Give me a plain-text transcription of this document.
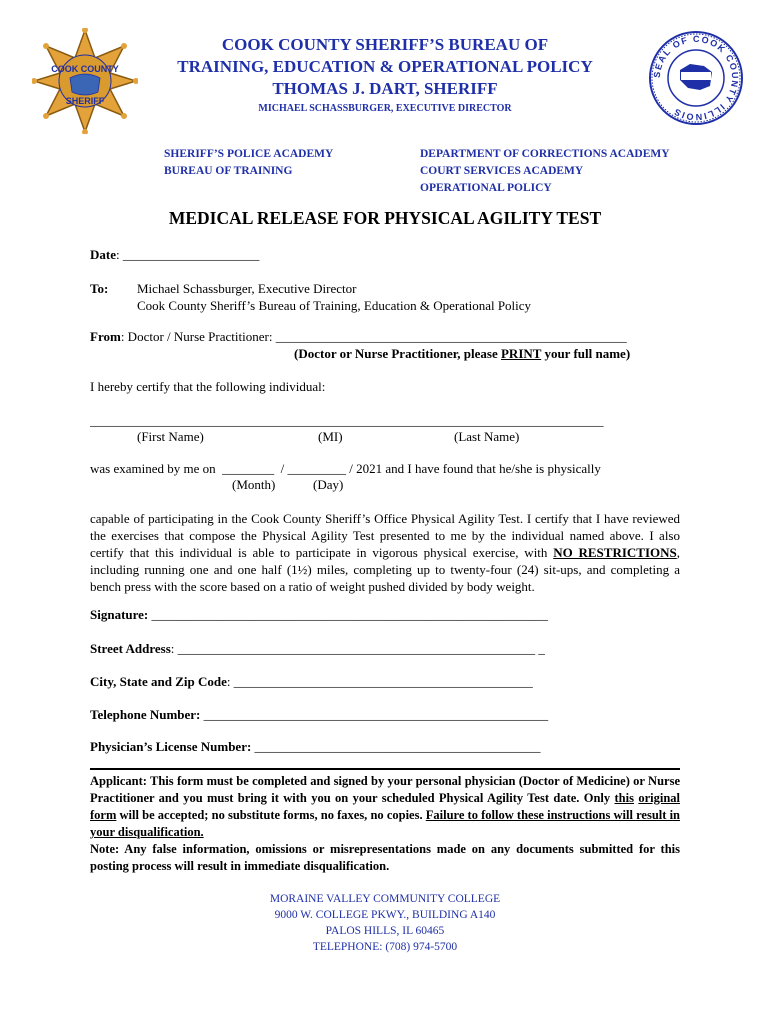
COOK COUNTY
SHERIFF
SEAL OF COOK COUNTY ILLINOIS
COOK COUNTY SHERIFF’S BUREAU OF
TRAINING, EDUCATION & OPERATIONAL POLICY
THOMAS J. DART, SHERIFF
MICHAEL SCHASSBURGER, EXECUTIVE DIRECTOR
SHERIFF’S POLICE ACADEMY
BUREAU OF TRAINING
DEPARTMENT OF CORRECTIONS ACADEMY
COURT SERVICES ACADEMY
OPERATIONAL POLICY
MEDICAL RELEASE FOR PHYSICAL AGILITY TEST
Date: _____________________
To: Michael Schassburger, Executive Director
Cook County Sheriff’s Bureau of Training, Education & Operational Policy
From: Doctor / Nurse Practitioner: ______________________________________________________
(Doctor or Nurse Practitioner, please PRINT your full name)
I hereby certify that the following individual:
_______________________________________________________________________________
(First Name)	(MI)	(Last Name)
was examined by me on  ________  / _________ / 2021 and I have found that he/she is physically
(Month)	(Day)
capable of participating in the Cook County Sheriff’s Office Physical Agility Test. I certify that I have reviewed the exercises that compose the Physical Agility Test presented to me by the individual named above. I also certify that this individual is able to participate in vigorous physical exercise, with NO RESTRICTIONS, including running one and one half (1½) miles, completing up to twenty-four (24) sit-ups, and completing a bench press with the score based on a ratio of weight pushed divided by body weight.
Signature: _____________________________________________________________
Street Address: _______________________________________________________ _
City, State and Zip Code: ______________________________________________
Telephone Number: _____________________________________________________
Physician’s License Number: ____________________________________________
Applicant: This form must be completed and signed by your personal physician (Doctor of Medicine) or Nurse Practitioner and you must bring it with you on your scheduled Physical Agility Test date. Only this original form will be accepted; no substitute forms, no faxes, no copies. Failure to follow these instructions will result in your disqualification.
Note: Any false information, omissions or misrepresentations made on any documents submitted for this posting process will result in immediate disqualification.
MORAINE VALLEY COMMUNITY COLLEGE
9000 W. COLLEGE PKWY., BUILDING A140
PALOS HILLS, IL 60465
TELEPHONE: (708) 974-5700
